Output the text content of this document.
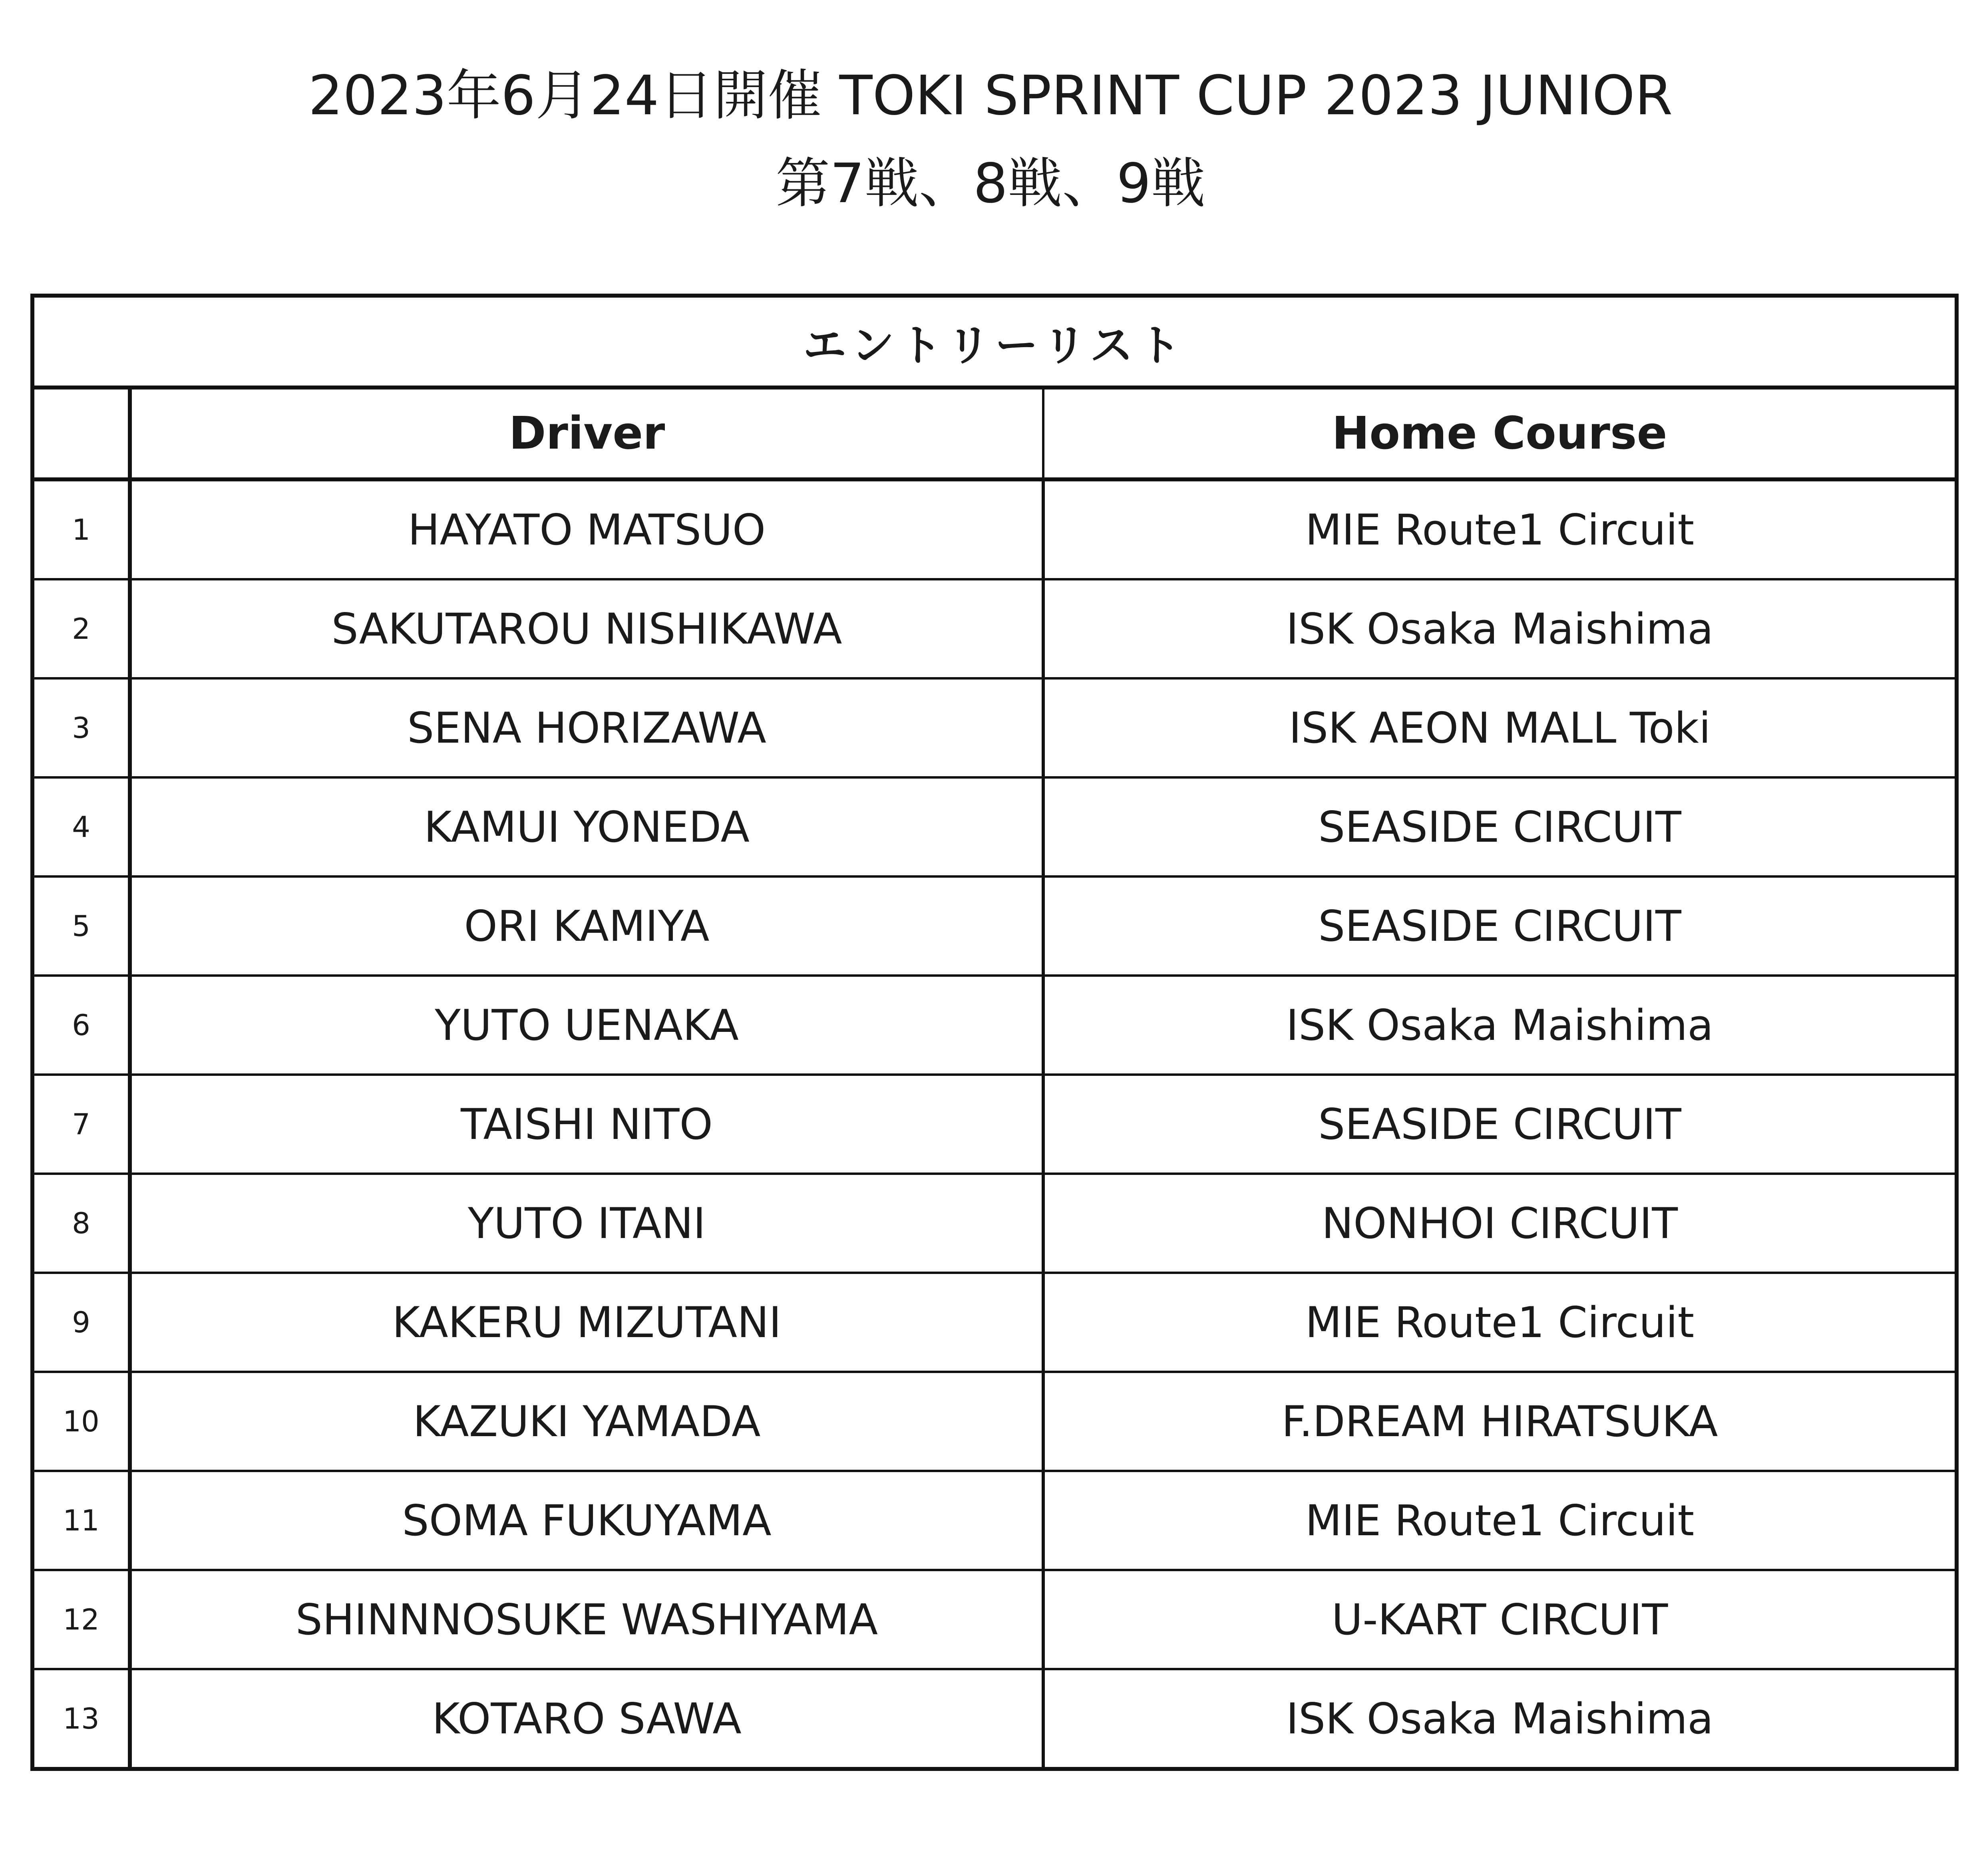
2023年6月24日開催 TOKI SPRINT CUP 2023 JUNIOR
第7戦、8戦、9戦
エントリーリスト		
	Driver	Home Course
1	HAYATO MATSUO	MIE Route1 Circuit
2	SAKUTAROU NISHIKAWA	ISK Osaka Maishima
3	SENA HORIZAWA	ISK AEON MALL Toki
4	KAMUI YONEDA	SEASIDE CIRCUIT
5	ORI KAMIYA	SEASIDE CIRCUIT
6	YUTO UENAKA	ISK Osaka Maishima
7	TAISHI NITO	SEASIDE CIRCUIT
8	YUTO ITANI	NONHOI CIRCUIT
9	KAKERU MIZUTANI	MIE Route1 Circuit
10	KAZUKI YAMADA	F.DREAM HIRATSUKA
11	SOMA FUKUYAMA	MIE Route1 Circuit
12	SHINNNOSUKE WASHIYAMA	U-KART CIRCUIT
13	KOTARO SAWA	ISK Osaka Maishima
